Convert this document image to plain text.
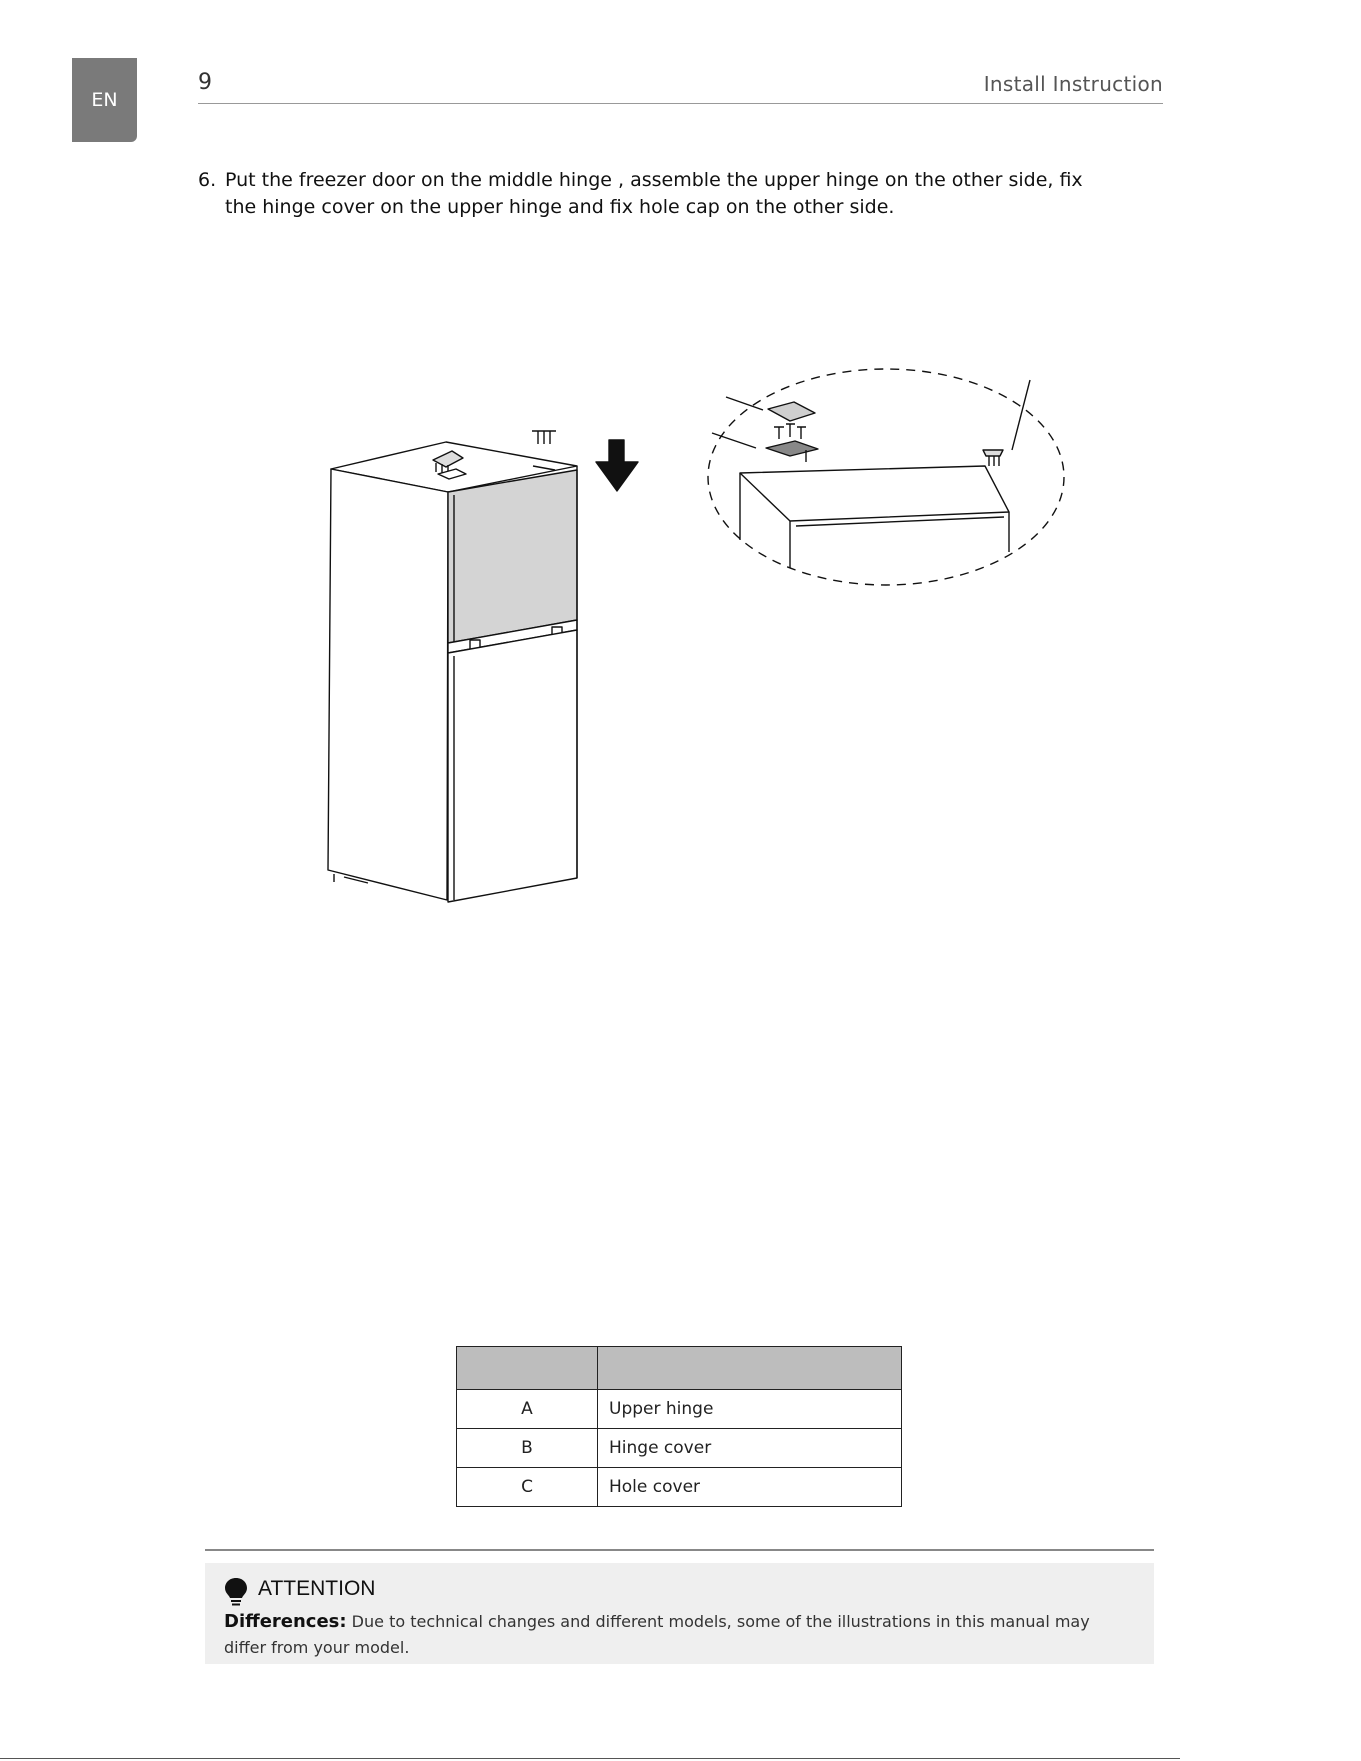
EN
9	Install Instruction
6. Put the freezer door on the middle hinge , assemble the upper hinge on the other side, fix the hinge cover on the upper hinge and fix hole cap on the other side.

A	Upper hinge
B	Hinge cover
C	Hole cover
ATTENTION
Differences: Due to technical changes and different models, some of the illustrations in this manual may differ from your model.
